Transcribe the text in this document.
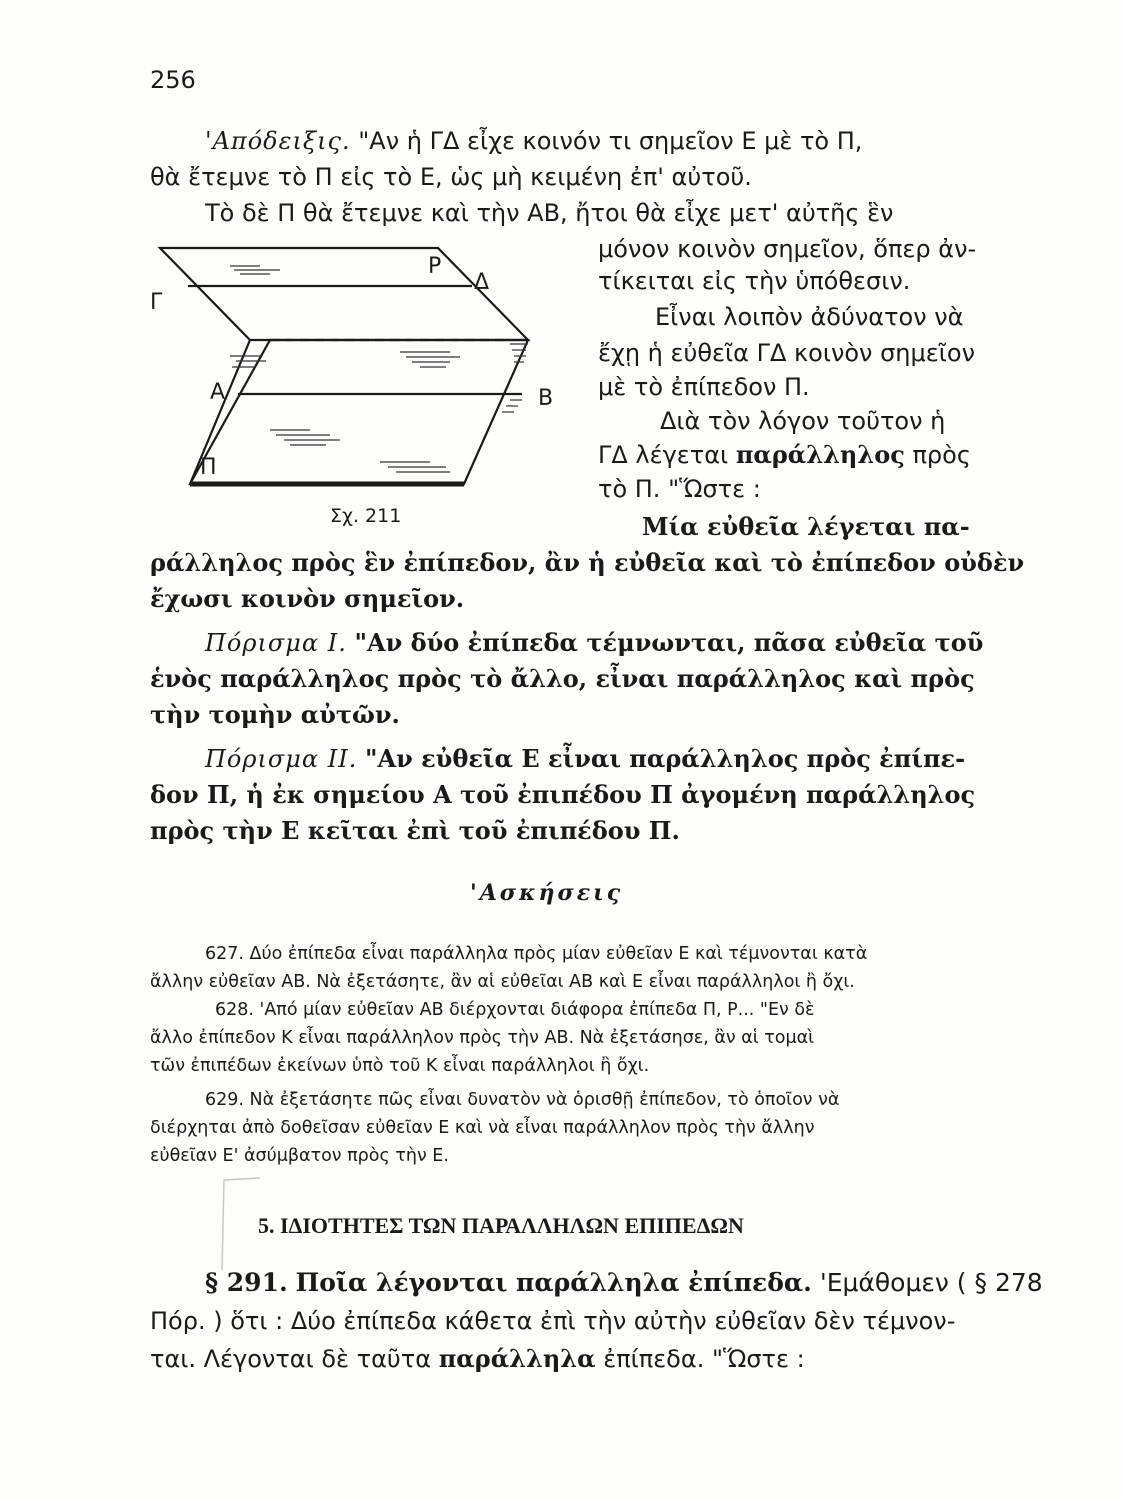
256
'Απόδειξις. "Αν ἡ ΓΔ εἶχε κοινόν τι σημεῖον Ε μὲ τὸ Π,
θὰ ἔτεμνε τὸ Π εἰς τὸ Ε, ὡς μὴ κειμένη ἐπ' αὐτοῦ.
Τὸ δὲ Π θὰ ἔτεμνε καὶ τὴν ΑΒ, ἤτοι θὰ εἶχε μετ' αὐτῆς ἓν
μόνον κοινὸν σημεῖον, ὅπερ ἀν-
τίκειται εἰς τὴν ὑπόθεσιν.
Εἶναι λοιπὸν ἀδύνατον νὰ
ἔχῃ ἡ εὐθεῖα ΓΔ κοινὸν σημεῖον
μὲ τὸ ἐπίπεδον Π.
Διὰ τὸν λόγον τοῦτον ἡ
ΓΔ λέγεται παράλληλος πρὸς
τὸ Π. "Ὥστε :
Ρ
Δ
Γ
Α	Β
Π
Σχ. 211	Μία εὐθεῖα λέγεται πα-
ράλληλος πρὸς ἓν ἐπίπεδον, ἂν ἡ εὐθεῖα καὶ τὸ ἐπίπεδον οὐδὲν
ἔχωσι κοινὸν σημεῖον.
Πόρισμα Ι. "Αν δύο ἐπίπεδα τέμνωνται, πᾶσα εὐθεῖα τοῦ
ἑνὸς παράλληλος πρὸς τὸ ἄλλο, εἶναι παράλληλος καὶ πρὸς
τὴν τομὴν αὐτῶν.
Πόρισμα ΙΙ. "Αν εὐθεῖα Ε εἶναι παράλληλος πρὸς ἐπίπε-
δον Π, ἡ ἐκ σημείου Α τοῦ ἐπιπέδου Π ἀγομένη παράλληλος
πρὸς τὴν Ε κεῖται ἐπὶ τοῦ ἐπιπέδου Π.
'Ασκήσεις
627. Δύο ἐπίπεδα εἶναι παράλληλα πρὸς μίαν εὐθεῖαν Ε καὶ τέμνονται κατὰ
ἄλλην εὐθεῖαν ΑΒ. Νὰ ἐξετάσητε, ἂν αἱ εὐθεῖαι ΑΒ καὶ Ε εἶναι παράλληλοι ἢ ὄχι.
628. 'Από μίαν εὐθεῖαν ΑΒ διέρχονται διάφορα ἐπίπεδα Π, Ρ... "Εν δὲ
ἄλλο ἐπίπεδον Κ εἶναι παράλληλον πρὸς τὴν ΑΒ. Νὰ ἐξετάσησε, ἂν αἱ τομαὶ
τῶν ἐπιπέδων ἐκείνων ὑπὸ τοῦ Κ εἶναι παράλληλοι ἢ ὄχι.
629. Νὰ ἐξετάσητε πῶς εἶναι δυνατὸν νὰ ὁρισθῇ ἐπίπεδον, τὸ ὁποῖον νὰ
διέρχηται ἀπὸ δοθεῖσαν εὐθεῖαν Ε καὶ νὰ εἶναι παράλληλον πρὸς τὴν ἄλλην
εὐθεῖαν Ε' ἀσύμβατον πρὸς τὴν Ε.
5. ΙΔΙΟΤΗΤΕΣ ΤΩΝ ΠΑΡΑΛΛΗΛΩΝ ΕΠΙΠΕΔΩΝ
§ 291. Ποῖα λέγονται παράλληλα ἐπίπεδα. 'Εμάθομεν ( § 278
Πόρ. ) ὅτι : Δύο ἐπίπεδα κάθετα ἐπὶ τὴν αὐτὴν εὐθεῖαν δὲν τέμνον-
ται. Λέγονται δὲ ταῦτα παράλληλα ἐπίπεδα. "Ὥστε :
